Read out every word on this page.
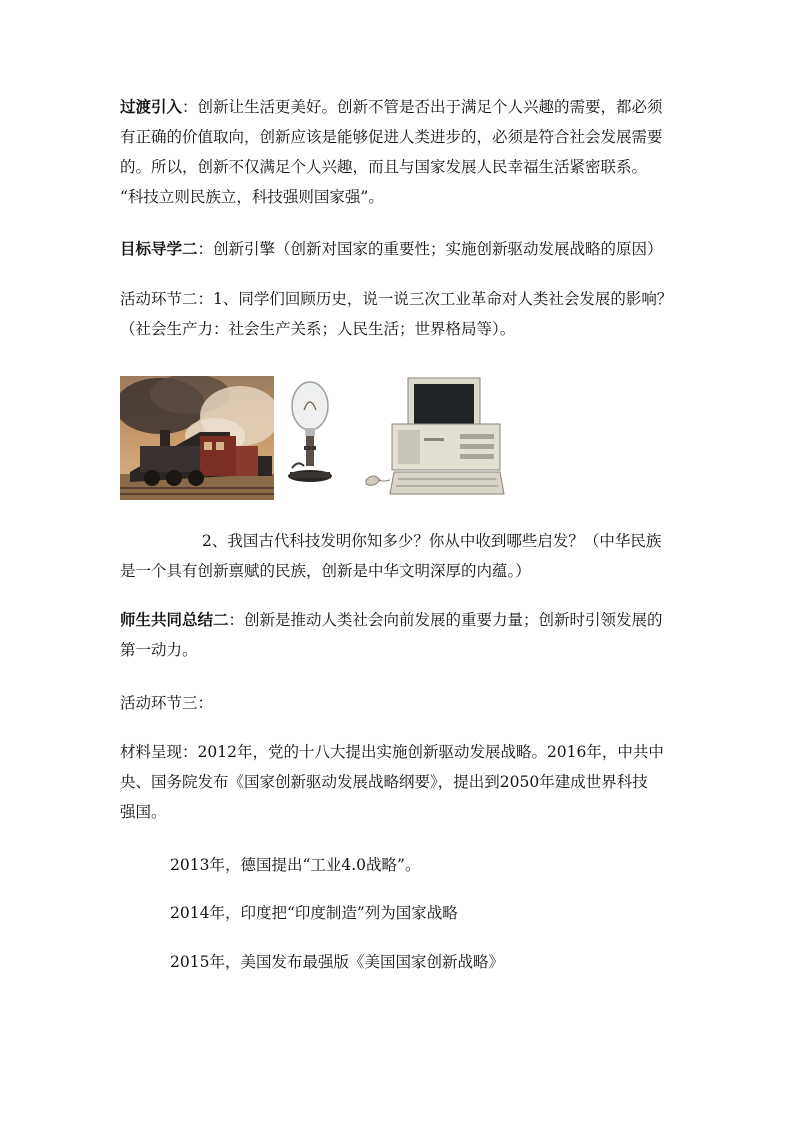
过渡引入：创新让生活更美好。创新不管是否出于满足个人兴趣的需要，都必须
有正确的价值取向，创新应该是能够促进人类进步的，必须是符合社会发展需要
的。所以，创新不仅满足个人兴趣，而且与国家发展人民幸福生活紧密联系。
“科技立则民族立，科技强则国家强”。

目标导学二：创新引擎（创新对国家的重要性；实施创新驱动发展战略的原因）

活动环节二：1、同学们回顾历史，说一说三次工业革命对人类社会发展的影响？
（社会生产力：社会生产关系；人民生活；世界格局等）。

2、我国古代科技发明你知多少？你从中收到哪些启发？（中华民族
是一个具有创新禀赋的民族，创新是中华文明深厚的内蕴。）

师生共同总结二：创新是推动人类社会向前发展的重要力量；创新时引领发展的
第一动力。

活动环节三：

材料呈现：2012年，党的十八大提出实施创新驱动发展战略。2016年，中共中
央、国务院发布《国家创新驱动发展战略纲要》，提出到2050年建成世界科技
强国。

2013年，德国提出“工业4.0战略”。

2014年，印度把“印度制造”列为国家战略

2015年，美国发布最强版《美国国家创新战略》
